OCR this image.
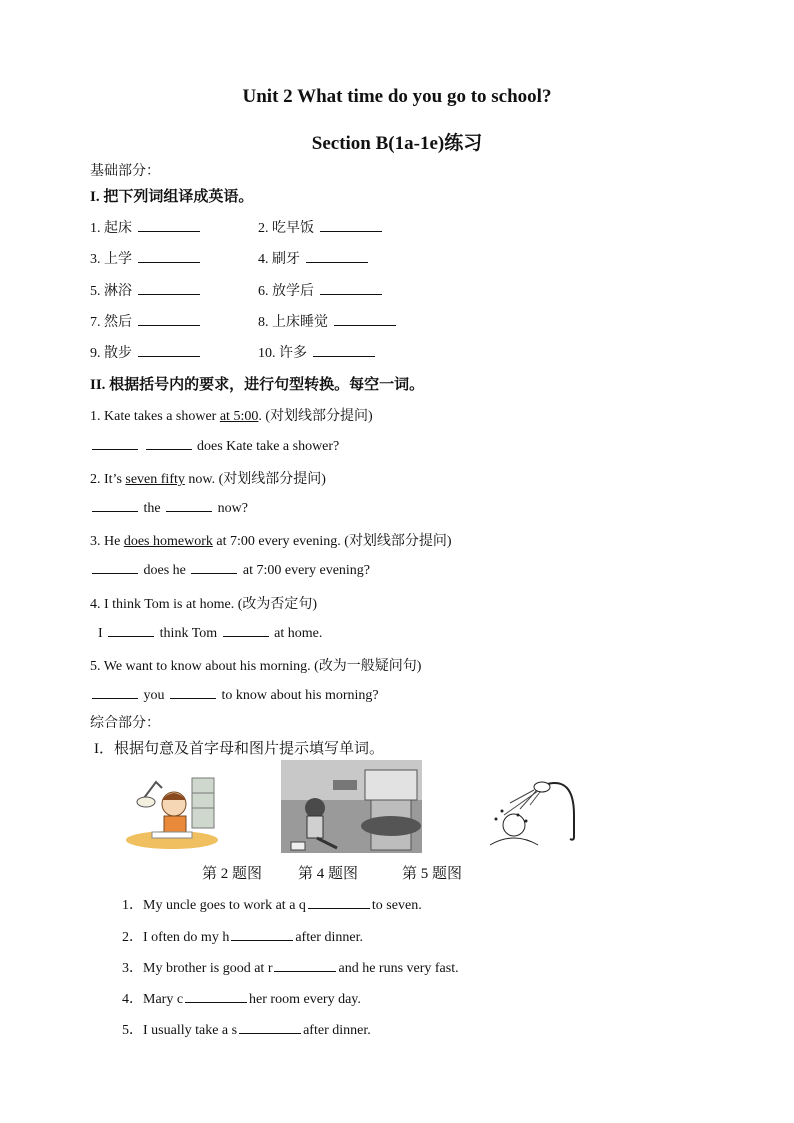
Unit 2 What time do you go to school?
Section B(1a-1e)练习
基础部分：
I. 把下列词组译成英语。
1. 起床	2. 吃早饭
3. 上学	4. 刷牙
5. 淋浴	6. 放学后
7. 然后	8. 上床睡觉
9. 散步	10. 许多
II. 根据括号内的要求，进行句型转换。每空一词。
1. Kate takes a shower at 5:00. (对划线部分提问)
does Kate take a shower?
2. It’s seven fifty now. (对划线部分提问)
the	now?
3. He does homework at 7:00 every evening. (对划线部分提问)
does he	at 7:00 every evening?
4. I think Tom is at home. (改为否定句)
I	think Tom	at home.
5. We want to know about his morning. (改为一般疑问句)
you	to know about his morning?
综合部分：
I．根据句意及首字母和图片提示填写单词。
第 2 题图 第 4 题图	第 5 题图
1．My uncle goes to work at a q	to seven.
2．I often do my h	after dinner.
3．My brother is good at r	and he runs very fast.
4．Mary c	her room every day.
5．I usually take a s	after dinner.
